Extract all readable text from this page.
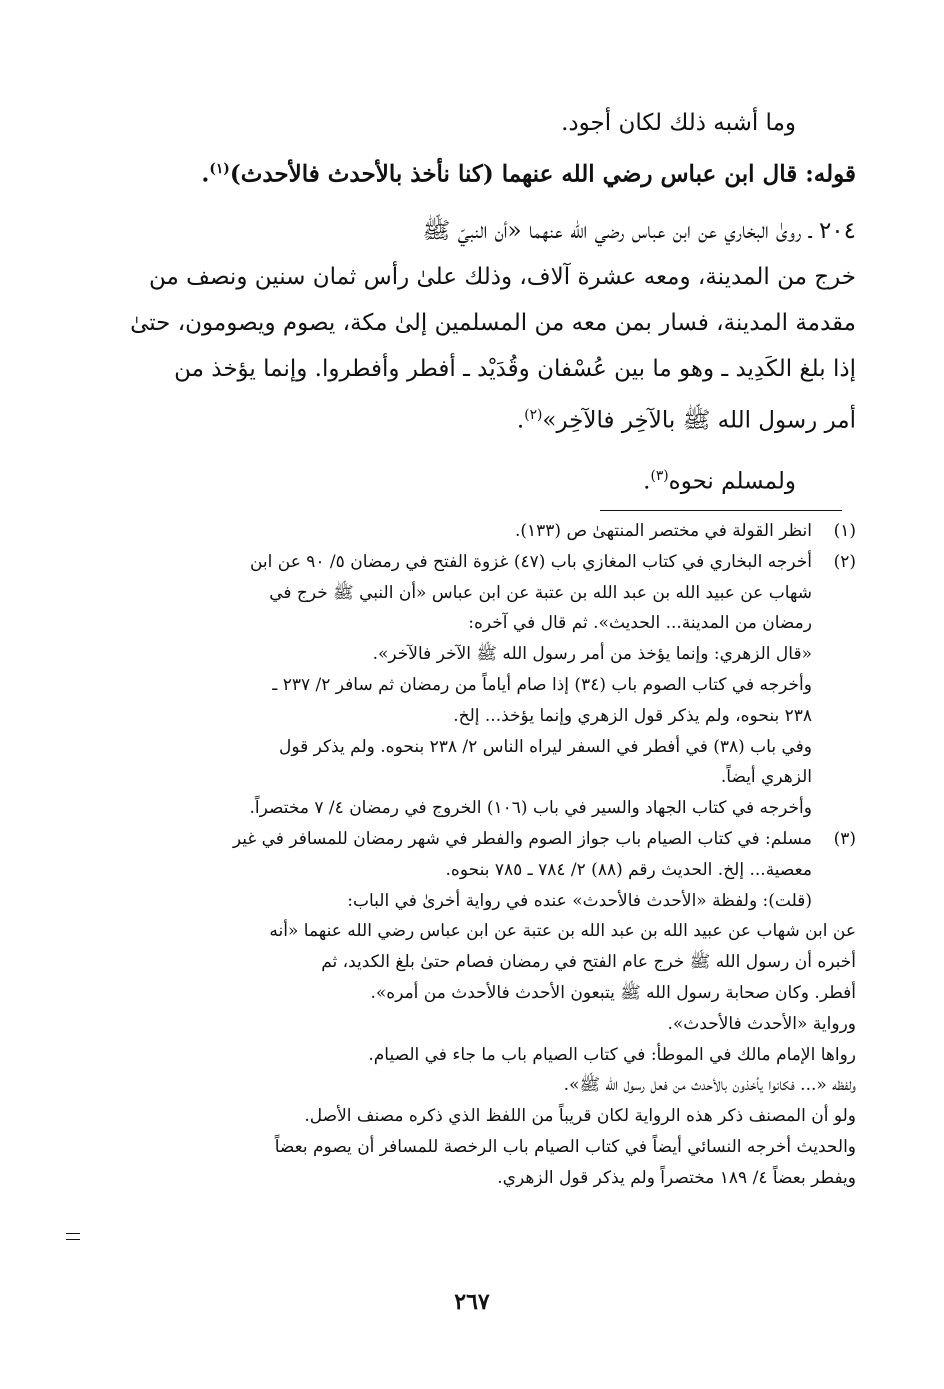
وما أشبه ذلك لكان أجود.
قوله: قال ابن عباس رضي الله عنهما (كنا نأخذ بالأحدث فالأحدث)$^{(١)}$.
٢٠٤ ـ روىٰ البخاري عن ابن عباس رضي الله عنهما «أن النبيّ ﷺ
خرج من المدينة، ومعه عشرة آلاف، وذلك علىٰ رأس ثمان سنين ونصف من
مقدمة المدينة، فسار بمن معه من المسلمين إلىٰ مكة، يصوم ويصومون، حتىٰ
إذا بلغ الكَدِيد ـ وهو ما بين عُسْفان وقُدَيْد ـ أفطر وأفطروا. وإنما يؤخذ من
أمر رسول الله ﷺ بالآخِر فالآخِر»$^{(٢)}$.
ولمسلم نحوه$^{(٣)}$.
(١)
انظر القولة في مختصر المنتهىٰ ص (١٣٣).
(٢)
أخرجه البخاري في كتاب المغازي باب (٤٧) غزوة الفتح في رمضان ٥/ ٩٠ عن ابن
شهاب عن عبيد الله بن عبد الله بن عتبة عن ابن عباس «أن النبي ﷺ خرج في
رمضان من المدينة... الحديث». ثم قال في آخره:
«قال الزهري: وإنما يؤخذ من أمر رسول الله ﷺ الآخر فالآخر».
وأخرجه في كتاب الصوم باب (٣٤) إذا صام أياماً من رمضان ثم سافر ٢/ ٢٣٧ ـ
٢٣٨ بنحوه، ولم يذكر قول الزهري وإنما يؤخذ... إلخ.
وفي باب (٣٨) في أفطر في السفر ليراه الناس ٢/ ٢٣٨ بنحوه. ولم يذكر قول
الزهري أيضاً.
وأخرجه في كتاب الجهاد والسير في باب (١٠٦) الخروج في رمضان ٤/ ٧ مختصراً.
(٣)
مسلم: في كتاب الصيام باب جواز الصوم والفطر في شهر رمضان للمسافر في غير
معصية... إلخ. الحديث رقم (٨٨) ٢/ ٧٨٤ ـ ٧٨٥ بنحوه.
(قلت): ولفظة «الأحدث فالأحدث» عنده في رواية أخرىٰ في الباب:
عن ابن شهاب عن عبيد الله بن عبد الله بن عتبة عن ابن عباس رضي الله عنهما «أنه
أخبره أن رسول الله ﷺ خرج عام الفتح في رمضان فصام حتىٰ بلغ الكديد، ثم
أفطر. وكان صحابة رسول الله ﷺ يتبعون الأحدث فالأحدث من أمره».
ورواية «الأحدث فالأحدث».
رواها الإمام مالك في الموطأ: في كتاب الصيام باب ما جاء في الصيام.
ولفظه «... فكانوا يأخذون بالأحدث من فعل رسول الله ﷺ».
ولو أن المصنف ذكر هذه الرواية لكان قريباً من اللفظ الذي ذكره مصنف الأصل.
والحديث أخرجه النسائي أيضاً في كتاب الصيام باب الرخصة للمسافر أن يصوم بعضاً
ويفطر بعضاً ٤/ ١٨٩ مختصراً ولم يذكر قول الزهري.
٢٦٧
